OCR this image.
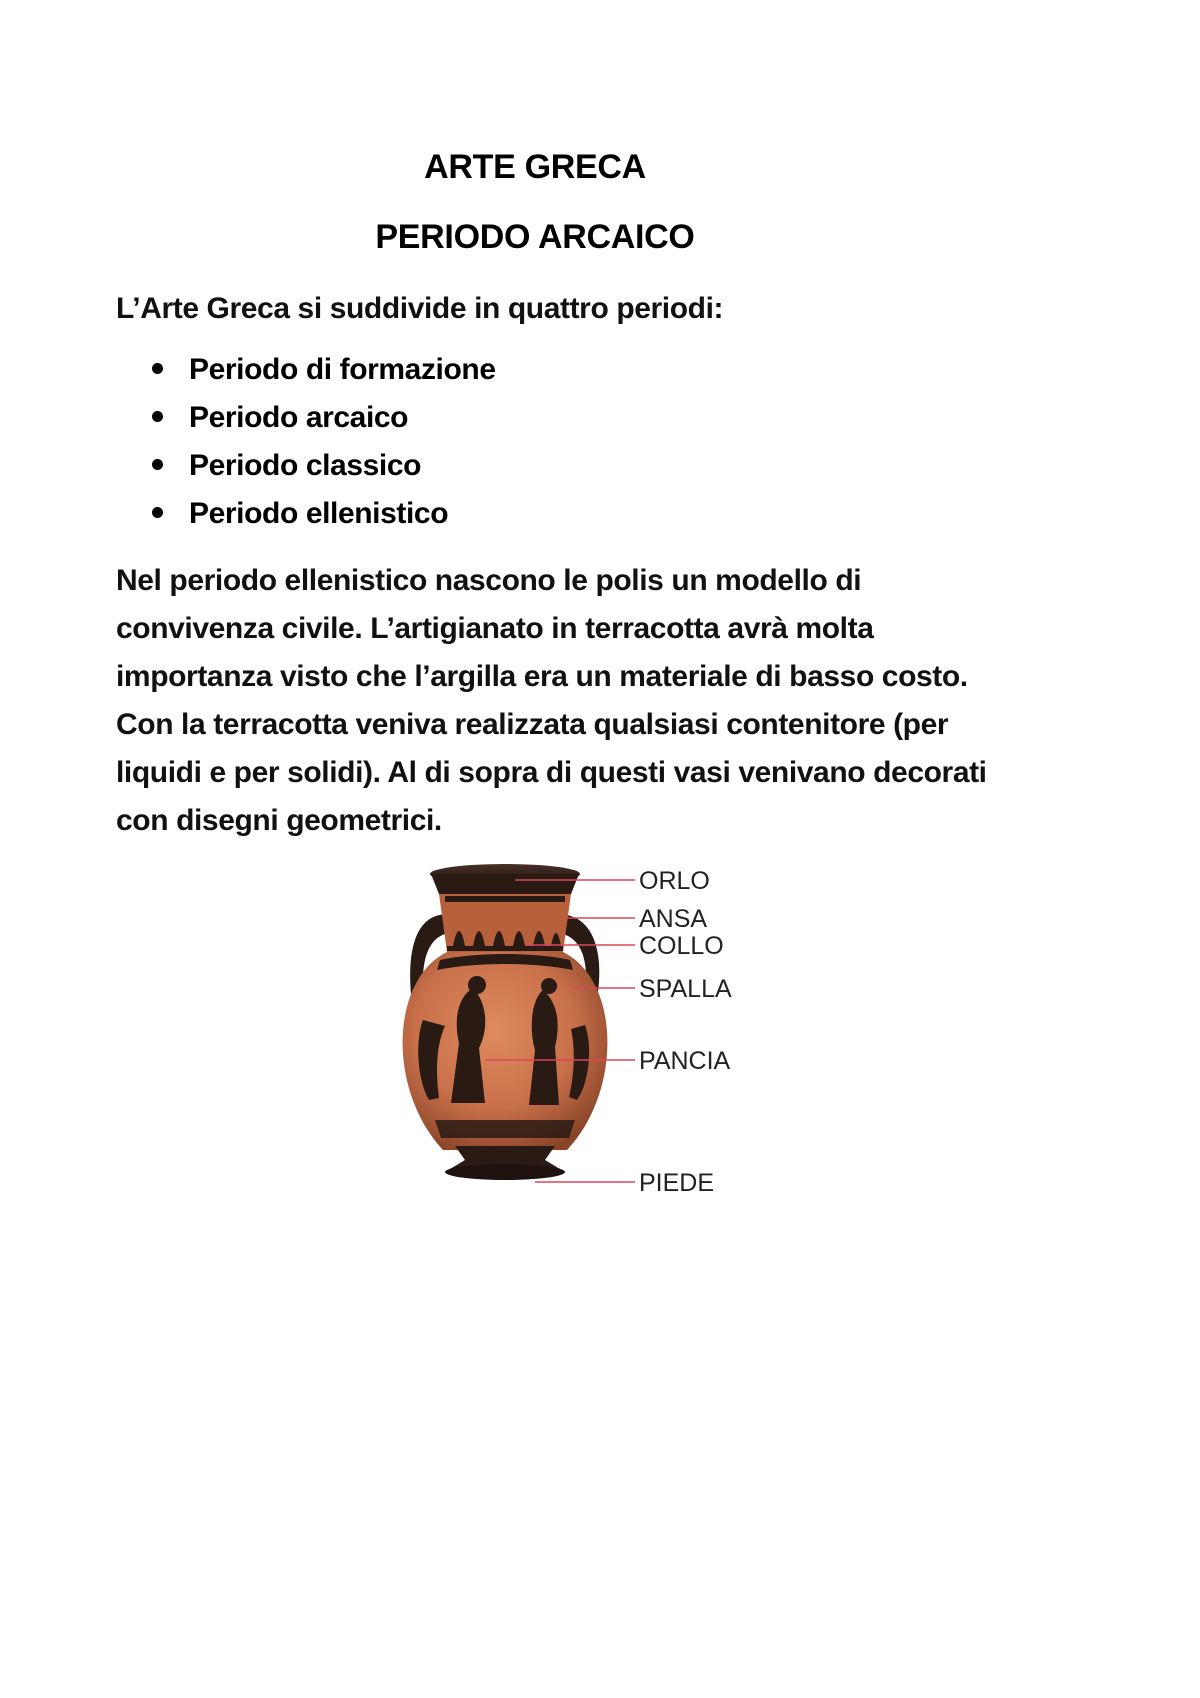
ARTE GRECA
PERIODO ARCAICO
L’Arte Greca si suddivide in quattro periodi:
Periodo di formazione
Periodo arcaico
Periodo classico
Periodo ellenistico

Nel periodo ellenistico nascono le polis un modello di

convivenza civile. L’artigianato in terracotta avrà molta

importanza visto che l’argilla era un materiale di basso costo.

Con la terracotta veniva realizzata qualsiasi contenitore (per

liquidi e per solidi). Al di sopra di questi vasi venivano decorati

con disegni geometrici.

ORLO
ANSA
COLLO
SPALLA
PANCIA
PIEDE
